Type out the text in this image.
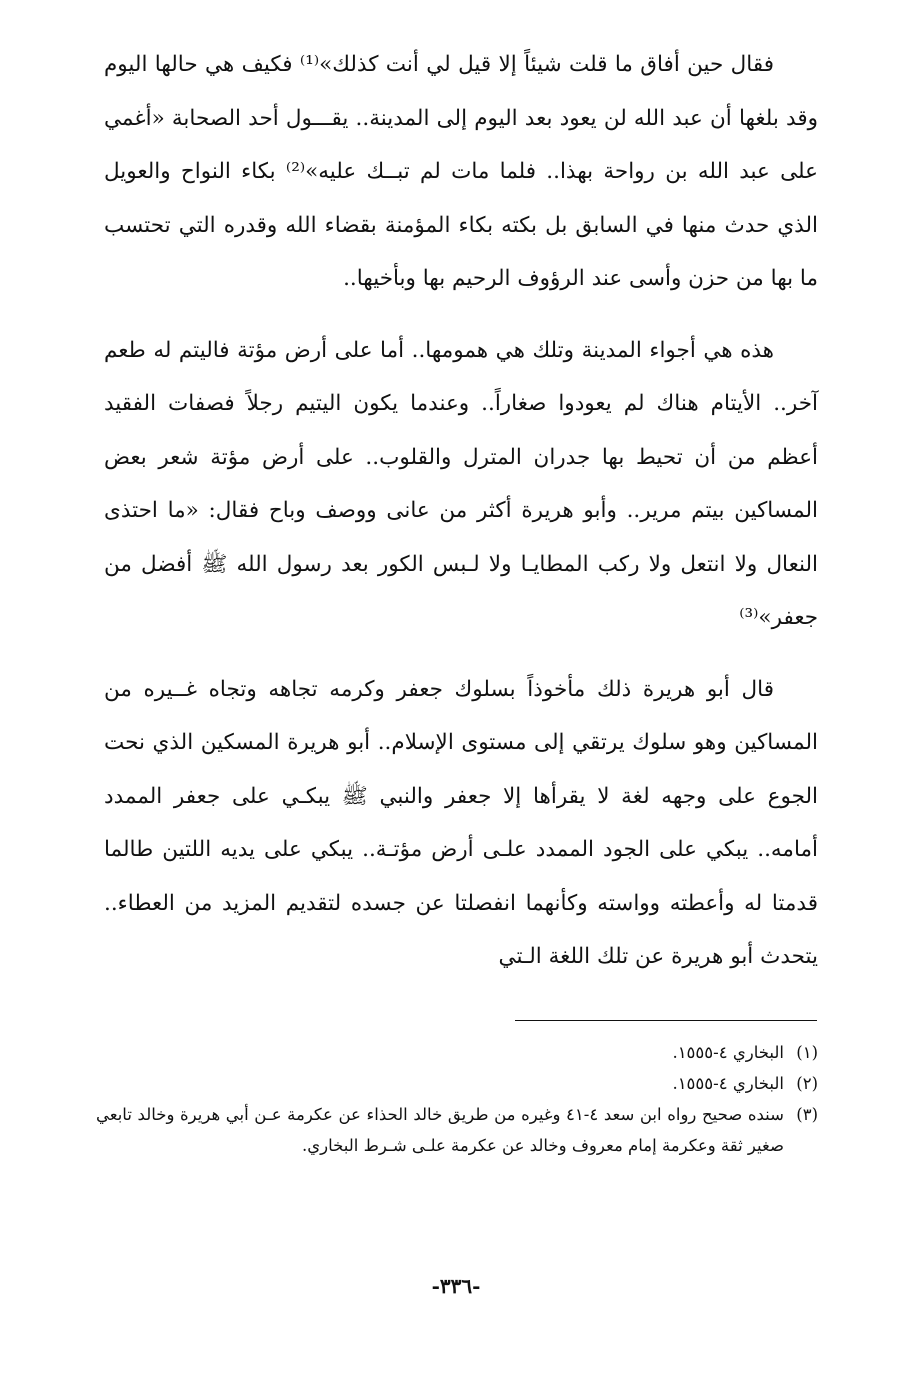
فقال حين أفاق ما قلت شيئاً إلا قيل لي أنت كذلك»⁽¹⁾ فكيف هي حالها اليوم وقد بلغها أن عبد الله لن يعود بعد اليوم إلى المدينة.. يقـــول أحد الصحابة «أغمي على عبد الله بن رواحة بهذا.. فلما مات لم تبــك عليه»⁽²⁾ بكاء النواح والعويل الذي حدث منها في السابق بل بكته بكاء المؤمنة بقضاء الله وقدره التي تحتسب ما بها من حزن وأسى عند الرؤوف الرحيم بها وبأخيها..

هذه هي أجواء المدينة وتلك هي همومها.. أما على أرض مؤتة فاليتم له طعم آخر.. الأيتام هناك لم يعودوا صغاراً.. وعندما يكون اليتيم رجلاً فصفات الفقيد أعظم من أن تحيط بها جدران المترل والقلوب.. على أرض مؤتة شعر بعض المساكين بيتم مرير.. وأبو هريرة أكثر من عانى ووصف وباح فقال: «ما احتذى النعال ولا انتعل ولا ركب المطايـا ولا لـبس الكور بعد رسول الله ﷺ أفضل من جعفر»⁽³⁾

قال أبو هريرة ذلك مأخوذاً بسلوك جعفر وكرمه تجاهه وتجاه غــيره من المساكين وهو سلوك يرتقي إلى مستوى الإسلام.. أبو هريرة المسكين الذي نحت الجوع على وجهه لغة لا يقرأها إلا جعفر والنبي ﷺ يبكـي على جعفر الممدد أمامه.. يبكي على الجود الممدد علـى أرض مؤتـة.. يبكي على يديه اللتين طالما قدمتا له وأعطته وواسته وكأنهما انفصلتا عن جسده لتقديم المزيد من العطاء.. يتحدث أبو هريرة عن تلك اللغة الـتي

(١)البخاري ٤-١٥٥٥.

(٢)البخاري ٤-١٥٥٥.

(٣)سنده صحيح رواه ابن سعد ٤-٤١ وغيره من طريق خالد الحذاء عن عكرمة عـن أبي هريرة وخالد تابعي صغير ثقة وعكرمة إمام معروف وخالد عن عكرمة علـى شـرط البخاري.

-٣٣٦-
